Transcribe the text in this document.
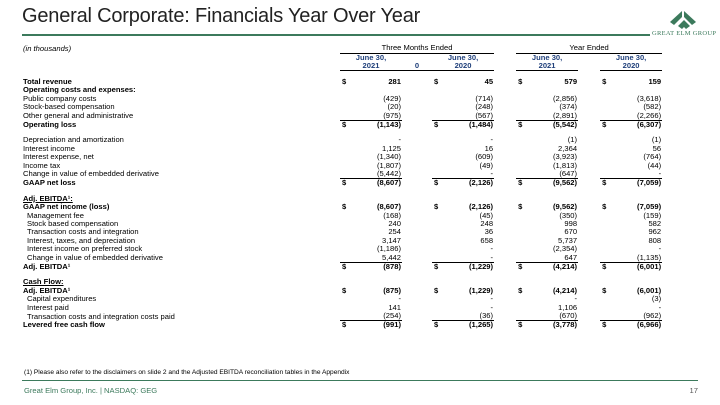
General Corporate: Financials Year Over Year
GREAT ELM GROUP
(in thousands)	Three Months Ended						Year Ended					
	June 30,			June 30,			June 30,			June 30,		
	2021		0	2020			2021			2020		

Total revenue	$	281		$	45		$	579		$	159	
Operating costs and expenses:												
Public company costs		(429)			(714)			(2,856)			(3,618)	
Stock-based compensation		(20)			(248)			(374)			(582)	
Other general and administrative		(975)			(567)			(2,891)			(2,266)	
Operating loss	$	(1,143)		$	(1,484)		$	(5,542)		$	(6,307)	

Depreciation and amortization		-			-			(1)			(1)	
Interest income		1,125			16			2,364			56	
Interest expense, net		(1,340)			(609)			(3,923)			(764)	
Income tax		(1,807)			(49)			(1,813)			(44)	
Change in value of embedded derivative		(5,442)			-			(647)			-	
GAAP net loss	$	(8,607)		$	(2,126)		$	(9,562)		$	(7,059)	

Adj. EBITDA¹:												
GAAP net income (loss)	$	(8,607)		$	(2,126)		$	(9,562)		$	(7,059)	
Management fee		(168)			(45)			(350)			(159)	
Stock based compensation		240			248			998			582	
Transaction costs and integration		254			36			670			962	
Interest, taxes, and depreciation		3,147			658			5,737			808	
Interest income on preferred stock		(1,186)			-			(2,354)			-	
Change in value of embedded derivative		5,442			-			647			(1,135)	
Adj. EBITDA¹	$	(878)		$	(1,229)		$	(4,214)		$	(6,001)	

Cash Flow:												
Adj. EBITDA¹	$	(875)		$	(1,229)		$	(4,214)		$	(6,001)	
Capital expenditures		-			-			-			(3)	
Interest paid		141			-			1,106			-	
Transaction costs and integration costs paid		(254)			(36)			(670)			(962)	
Levered free cash flow	$	(991)		$	(1,265)		$	(3,778)		$	(6,966)	
(1) Please also refer to the disclaimers on slide 2 and the Adjusted EBITDA reconciliation tables in the Appendix
Great Elm Group, Inc. | NASDAQ: GEG	17
